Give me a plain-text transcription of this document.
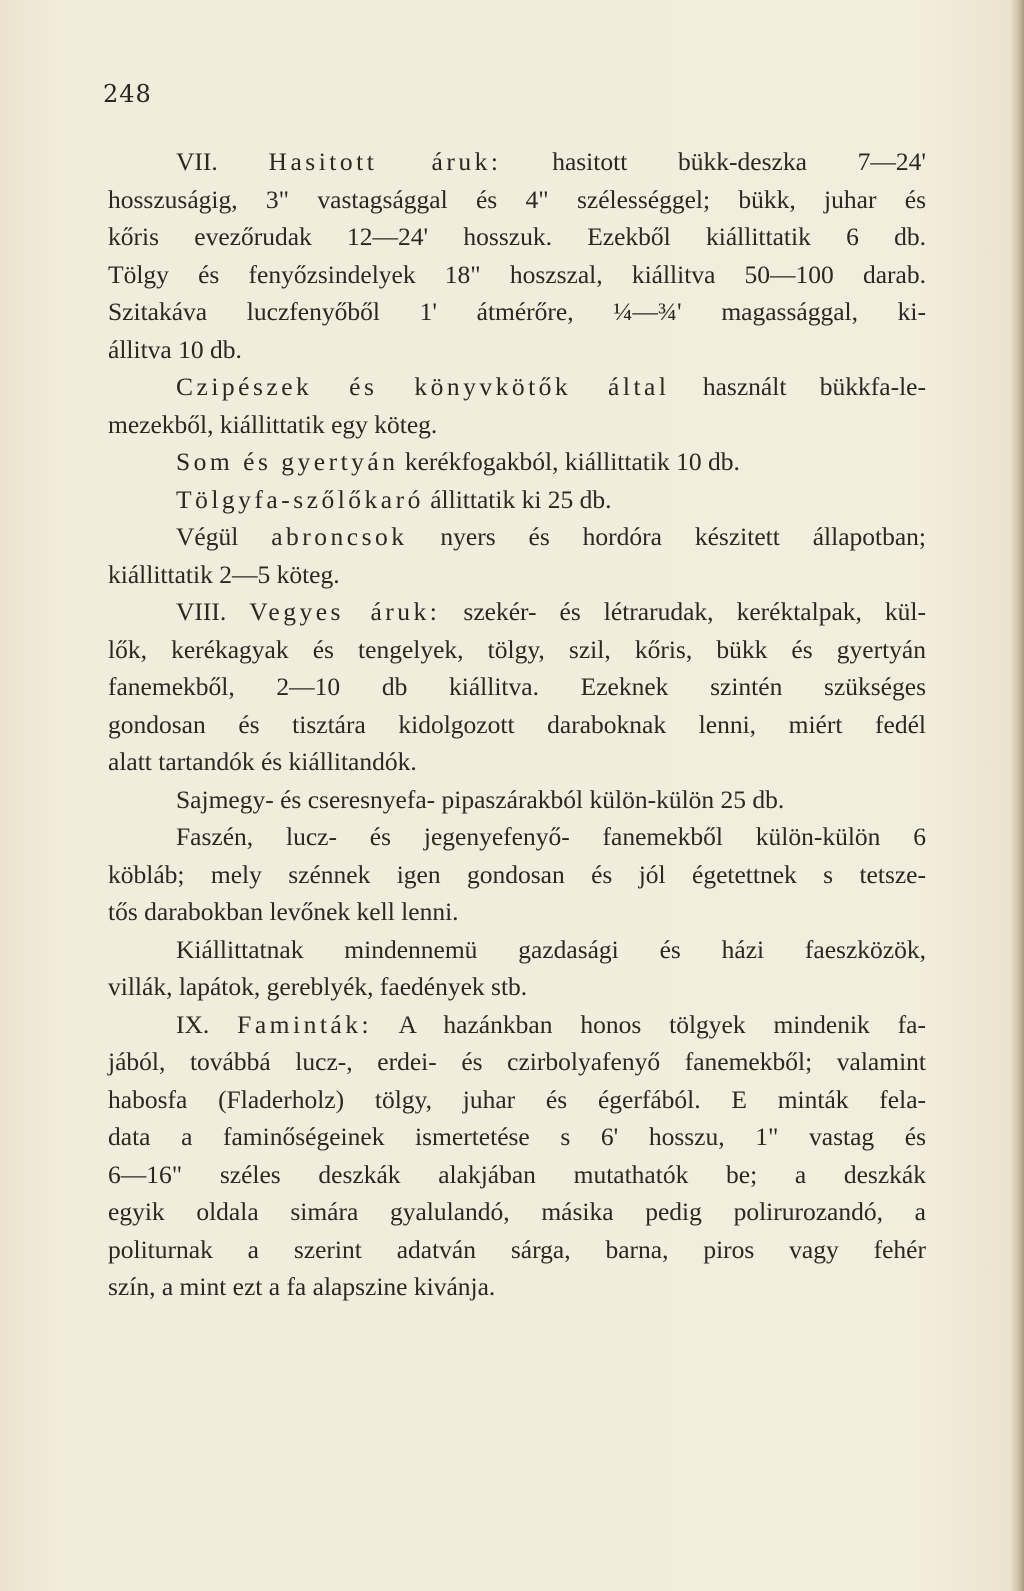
248
VII. Hasitott áruk: hasitott bükk-deszka 7—24'
hosszuságig, 3" vastagsággal és 4" szélességgel; bükk, juhar és
kőris evezőrudak 12—24' hosszuk. Ezekből kiállittatik 6 db.
Tölgy és fenyőzsindelyek 18" hoszszal, kiállitva 50—100 darab.
Szitakáva luczfenyőből 1' átmérőre, ¼—¾' magassággal, ki-
állitva 10 db.
Czipészek és könyvkötők által használt bükkfa-le-
mezekből, kiállittatik egy köteg.
Som és gyertyán kerékfogakból, kiállittatik 10 db.
Tölgyfa-szőlőkaró állittatik ki 25 db.
Végül abroncsok nyers és hordóra készitett állapotban;
kiállittatik 2—5 köteg.
VIII. Vegyes áruk: szekér- és létrarudak, keréktalpak, kül-
lők, kerékagyak és tengelyek, tölgy, szil, kőris, bükk és gyertyán
fanemekből, 2—10 db kiállitva. Ezeknek szintén szükséges
gondosan és tisztára kidolgozott daraboknak lenni, miért fedél
alatt tartandók és kiállitandók.
Sajmegy- és cseresnyefa- pipaszárakból külön-külön 25 db.
Faszén, lucz- és jegenyefenyő- fanemekből külön-külön 6
köbláb; mely szénnek igen gondosan és jól égetettnek s tetsze-
tős darabokban levőnek kell lenni.
Kiállittatnak mindennemü gazdasági és házi faeszközök,
villák, lapátok, gereblyék, faedények stb.
IX. Faminták: A hazánkban honos tölgyek mindenik fa-
jából, továbbá lucz-, erdei- és czirbolyafenyő fanemekből; valamint
habosfa (Fladerholz) tölgy, juhar és égerfából. E minták fela-
data a faminőségeinek ismertetése s 6' hosszu, 1" vastag és
6—16" széles deszkák alakjában mutathatók be; a deszkák
egyik oldala simára gyalulandó, másika pedig polirurozandó, a
politurnak a szerint adatván sárga, barna, piros vagy fehér
szín, a mint ezt a fa alapszine kivánja.
